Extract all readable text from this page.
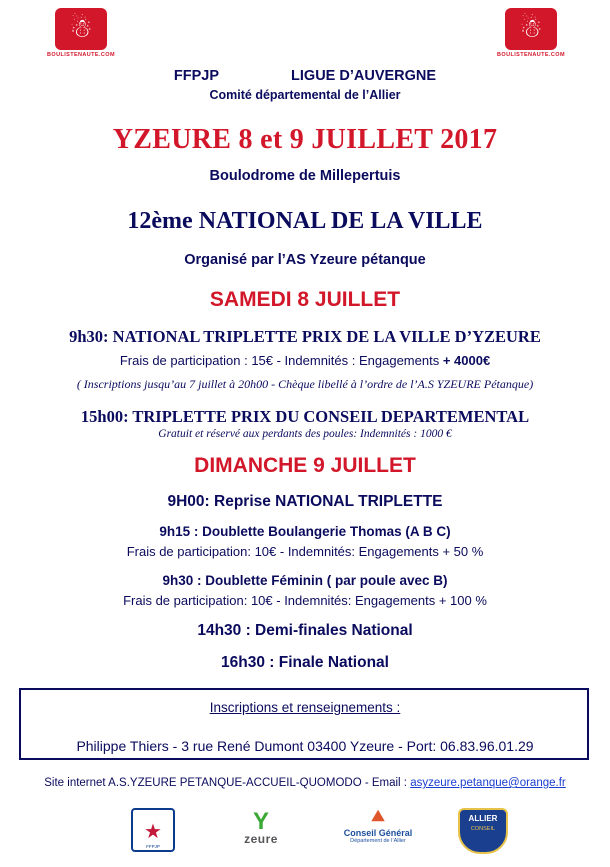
☃
BOULISTENAUTE.COM
☃
BOULISTENAUTE.COM
FFPJP	LIGUE D’AUVERGNE
Comité départemental de l’Allier
YZEURE 8 et 9 JUILLET 2017
Boulodrome de Millepertuis
12ème NATIONAL DE LA VILLE
Organisé par l’AS Yzeure pétanque
SAMEDI 8 JUILLET
9h30: NATIONAL TRIPLETTE PRIX DE LA VILLE D’YZEURE
Frais de participation : 15€ - Indemnités : Engagements + 4000€
( Inscriptions jusqu’au 7 juillet à 20h00 - Chèque libellé à l’ordre de l’A.S YZEURE Pétanque)
15h00: TRIPLETTE PRIX DU CONSEIL DEPARTEMENTAL
Gratuit et réservé aux perdants des poules: Indemnités : 1000 €
DIMANCHE 9 JUILLET
9H00: Reprise NATIONAL TRIPLETTE
9h15 : Doublette Boulangerie Thomas (A B C)
Frais de participation: 10€ - Indemnités: Engagements + 50 %
9h30 : Doublette Féminin ( par poule avec B)
Frais de participation: 10€ - Indemnités: Engagements + 100 %
14h30 : Demi-finales National
16h30 : Finale National
Inscriptions et renseignements :
Philippe Thiers - 3 rue René Dumont 03400 Yzeure - Port: 06.83.96.01.29
Site internet A.S.YZEURE PETANQUE-ACCUEIL-QUOMODO - Email : asyzeure.petanque@orange.fr
★
FFPJP
Y
zeure
⯅
Conseil Général
Département de l’Allier
ALLIER
CONSEIL
